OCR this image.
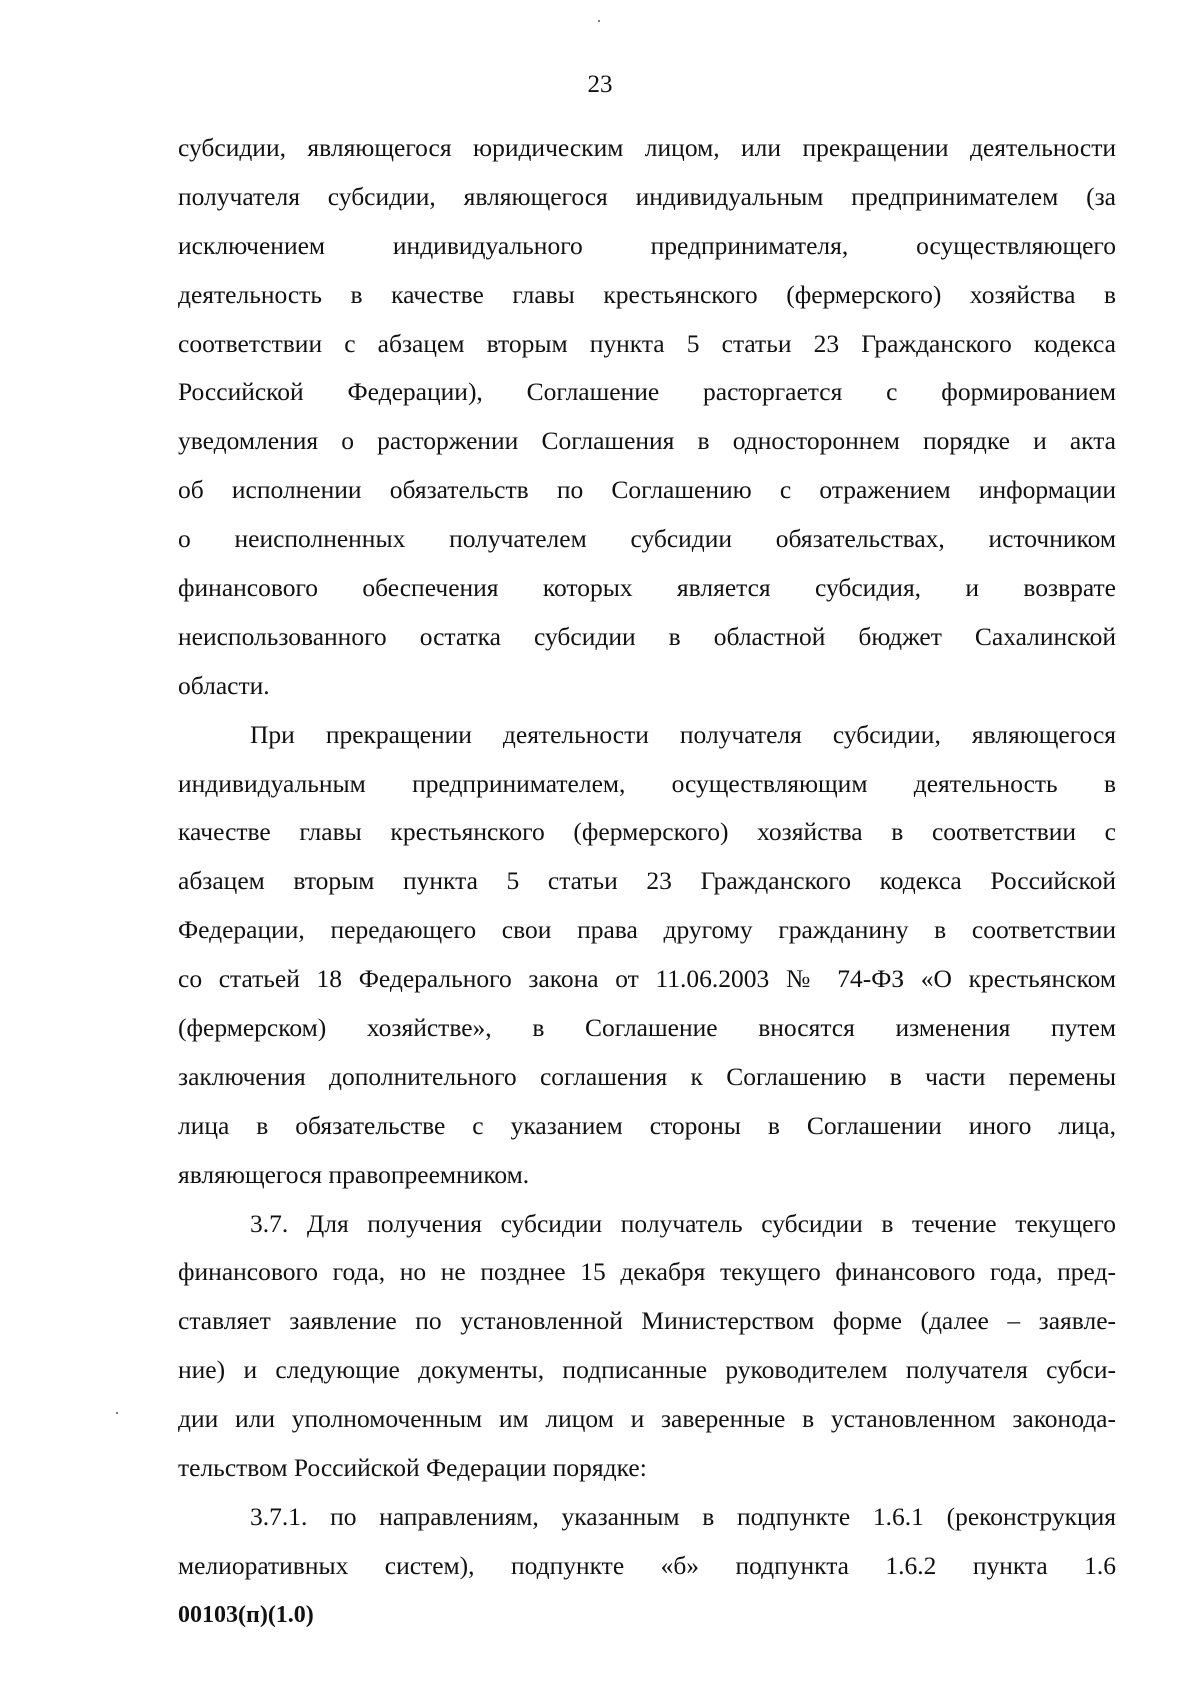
23
субсидии, являющегося юридическим лицом, или прекращении деятельности
получателя субсидии, являющегося индивидуальным предпринимателем (за
исключением индивидуального предпринимателя, осуществляющего
деятельность в качестве главы крестьянского (фермерского) хозяйства в
соответствии с абзацем вторым пункта 5 статьи 23 Гражданского кодекса
Российской Федерации), Соглашение расторгается с формированием
уведомления о расторжении Соглашения в одностороннем порядке и акта
об исполнении обязательств по Соглашению с отражением информации
о неисполненных получателем субсидии обязательствах, источником
финансового обеспечения которых является субсидия, и возврате
неиспользованного остатка субсидии в областной бюджет Сахалинской
области.
При прекращении деятельности получателя субсидии, являющегося
индивидуальным предпринимателем, осуществляющим деятельность в
качестве главы крестьянского (фермерского) хозяйства в соответствии с
абзацем вторым пункта 5 статьи 23 Гражданского кодекса Российской
Федерации, передающего свои права другому гражданину в соответствии
со статьей 18 Федерального закона от 11.06.2003 № 74-ФЗ «О крестьянском
(фермерском) хозяйстве», в Соглашение вносятся изменения путем
заключения дополнительного соглашения к Соглашению в части перемены
лица в обязательстве с указанием стороны в Соглашении иного лица,
являющегося правопреемником.
3.7. Для получения субсидии получатель субсидии в течение текущего
финансового года, но не позднее 15 декабря текущего финансового года, пред-
ставляет заявление по установленной Министерством форме (далее – заявле-
ние) и следующие документы, подписанные руководителем получателя субси-
дии или уполномоченным им лицом и заверенные в установленном законода-
тельством Российской Федерации порядке:
3.7.1. по направлениям, указанным в подпункте 1.6.1 (реконструкция
мелиоративных систем), подпункте «б» подпункта 1.6.2 пункта 1.6
00103(п)(1.0)
